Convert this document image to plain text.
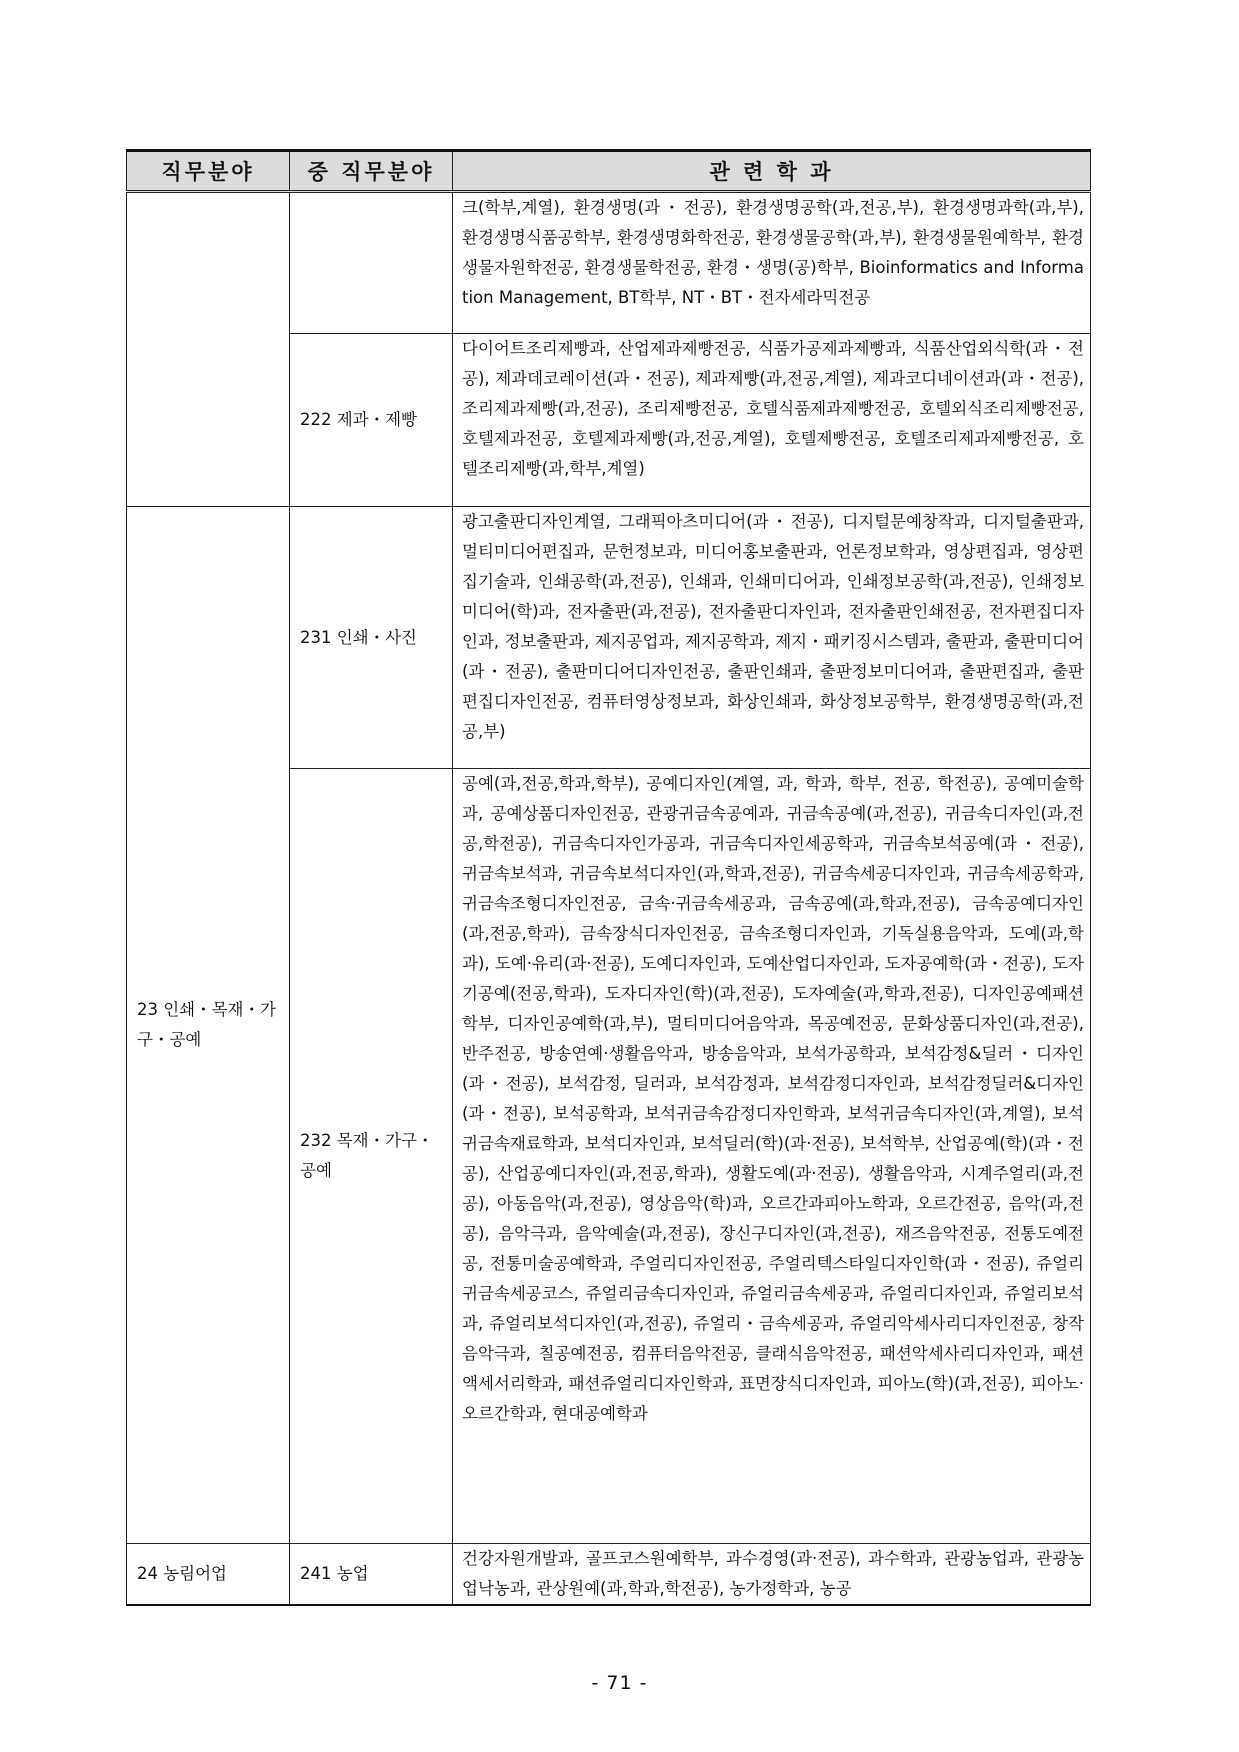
직무분야	중 직무분야	관 련 학 과
		크(학부,계열), 환경생명(과・전공), 환경생명공학(과,전공,부), 환경생명과학(과,부), 환경생명식품공학부, 환경생명화학전공, 환경생물공학(과,부), 환경생물원예학부, 환경생물자원학전공, 환경생물학전공, 환경・생명(공)학부, Bioinformatics and Information Management, BT학부, NT・BT・전자세라믹전공
	222 제과・제빵	다이어트조리제빵과, 산업제과제빵전공, 식품가공제과제빵과, 식품산업외식학(과・전공), 제과데코레이션(과・전공), 제과제빵(과,전공,계열), 제과코디네이션과(과・전공), 조리제과제빵(과,전공), 조리제빵전공, 호텔식품제과제빵전공, 호텔외식조리제빵전공, 호텔제과전공, 호텔제과제빵(과,전공,계열), 호텔제빵전공, 호텔조리제과제빵전공, 호텔조리제빵(과,학부,계열)
23 인쇄・목재・가구・공예	231 인쇄・사진	광고출판디자인계열, 그래픽아츠미디어(과・전공), 디지털문예창작과, 디지털출판과, 멀티미디어편집과, 문헌정보과, 미디어홍보출판과, 언론정보학과, 영상편집과, 영상편집기술과, 인쇄공학(과,전공), 인쇄과, 인쇄미디어과, 인쇄정보공학(과,전공), 인쇄정보미디어(학)과, 전자출판(과,전공), 전자출판디자인과, 전자출판인쇄전공, 전자편집디자인과, 정보출판과, 제지공업과, 제지공학과, 제지・패키징시스템과, 출판과, 출판미디어(과・전공), 출판미디어디자인전공, 출판인쇄과, 출판정보미디어과, 출판편집과, 출판편집디자인전공, 컴퓨터영상정보과, 화상인쇄과, 화상정보공학부, 환경생명공학(과,전공,부)
	232 목재・가구・공예	공예(과,전공,학과,학부), 공예디자인(계열, 과, 학과, 학부, 전공, 학전공), 공예미술학과, 공예상품디자인전공, 관광귀금속공예과, 귀금속공예(과,전공), 귀금속디자인(과,전공,학전공), 귀금속디자인가공과, 귀금속디자인세공학과, 귀금속보석공예(과・전공), 귀금속보석과, 귀금속보석디자인(과,학과,전공), 귀금속세공디자인과, 귀금속세공학과, 귀금속조형디자인전공, 금속·귀금속세공과, 금속공예(과,학과,전공), 금속공예디자인(과,전공,학과), 금속장식디자인전공, 금속조형디자인과, 기독실용음악과, 도예(과,학과), 도예·유리(과·전공), 도예디자인과, 도예산업디자인과, 도자공예학(과・전공), 도자기공예(전공,학과), 도자디자인(학)(과,전공), 도자예술(과,학과,전공), 디자인공예패션학부, 디자인공예학(과,부), 멀티미디어음악과, 목공예전공, 문화상품디자인(과,전공), 반주전공, 방송연예·생활음악과, 방송음악과, 보석가공학과, 보석감정&딜러・디자인(과・전공), 보석감정, 딜러과, 보석감정과, 보석감정디자인과, 보석감정딜러&디자인(과・전공), 보석공학과, 보석귀금속감정디자인학과, 보석귀금속디자인(과,계열), 보석귀금속재료학과, 보석디자인과, 보석딜러(학)(과·전공), 보석학부, 산업공예(학)(과・전공), 산업공예디자인(과,전공,학과), 생활도예(과·전공), 생활음악과, 시계주얼리(과,전공), 아동음악(과,전공), 영상음악(학)과, 오르간과피아노학과, 오르간전공, 음악(과,전공), 음악극과, 음악예술(과,전공), 장신구디자인(과,전공), 재즈음악전공, 전통도예전공, 전통미술공예학과, 주얼리디자인전공, 주얼리텍스타일디자인학(과・전공), 쥬얼리귀금속세공코스, 쥬얼리금속디자인과, 쥬얼리금속세공과, 쥬얼리디자인과, 쥬얼리보석과, 쥬얼리보석디자인(과,전공), 쥬얼리・금속세공과, 쥬얼리악세사리디자인전공, 창작음악극과, 칠공예전공, 컴퓨터음악전공, 클래식음악전공, 패션악세사리디자인과, 패션액세서리학과, 패션쥬얼리디자인학과, 표면장식디자인과, 피아노(학)(과,전공), 피아노·오르간학과, 현대공예학과
24 농림어업	241 농업	건강자원개발과, 골프코스원예학부, 과수경영(과·전공), 과수학과, 관광농업과, 관광농업낙농과, 관상원예(과,학과,학전공), 농가정학과, 농공
- 71 -
